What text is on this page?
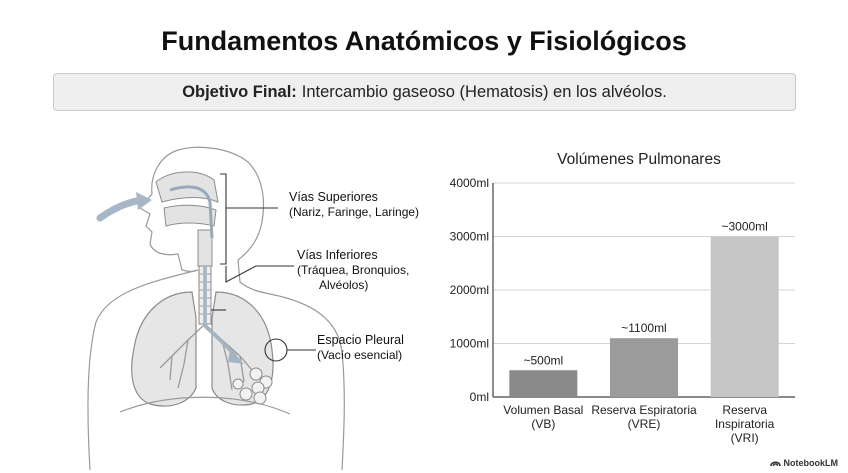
Fundamentos Anatómicos y Fisiológicos
Objetivo Final: Intercambio gaseoso (Hematosis) en los alvéolos.
Vías Superiores
(Nariz, Faringe, Laringe)
Vías Inferiores
(Tráquea, Bronquios,
Alvéolos)
Espacio Pleural
(Vacío esencial)
Volúmenes Pulmonares
0ml
1000ml
2000ml
3000ml
4000ml
~500ml
Volumen Basal
(VB)
~1100ml
Reserva Espiratoria
(VRE)
~3000ml
Reserva
Inspiratoria
(VRI)
NotebookLM
